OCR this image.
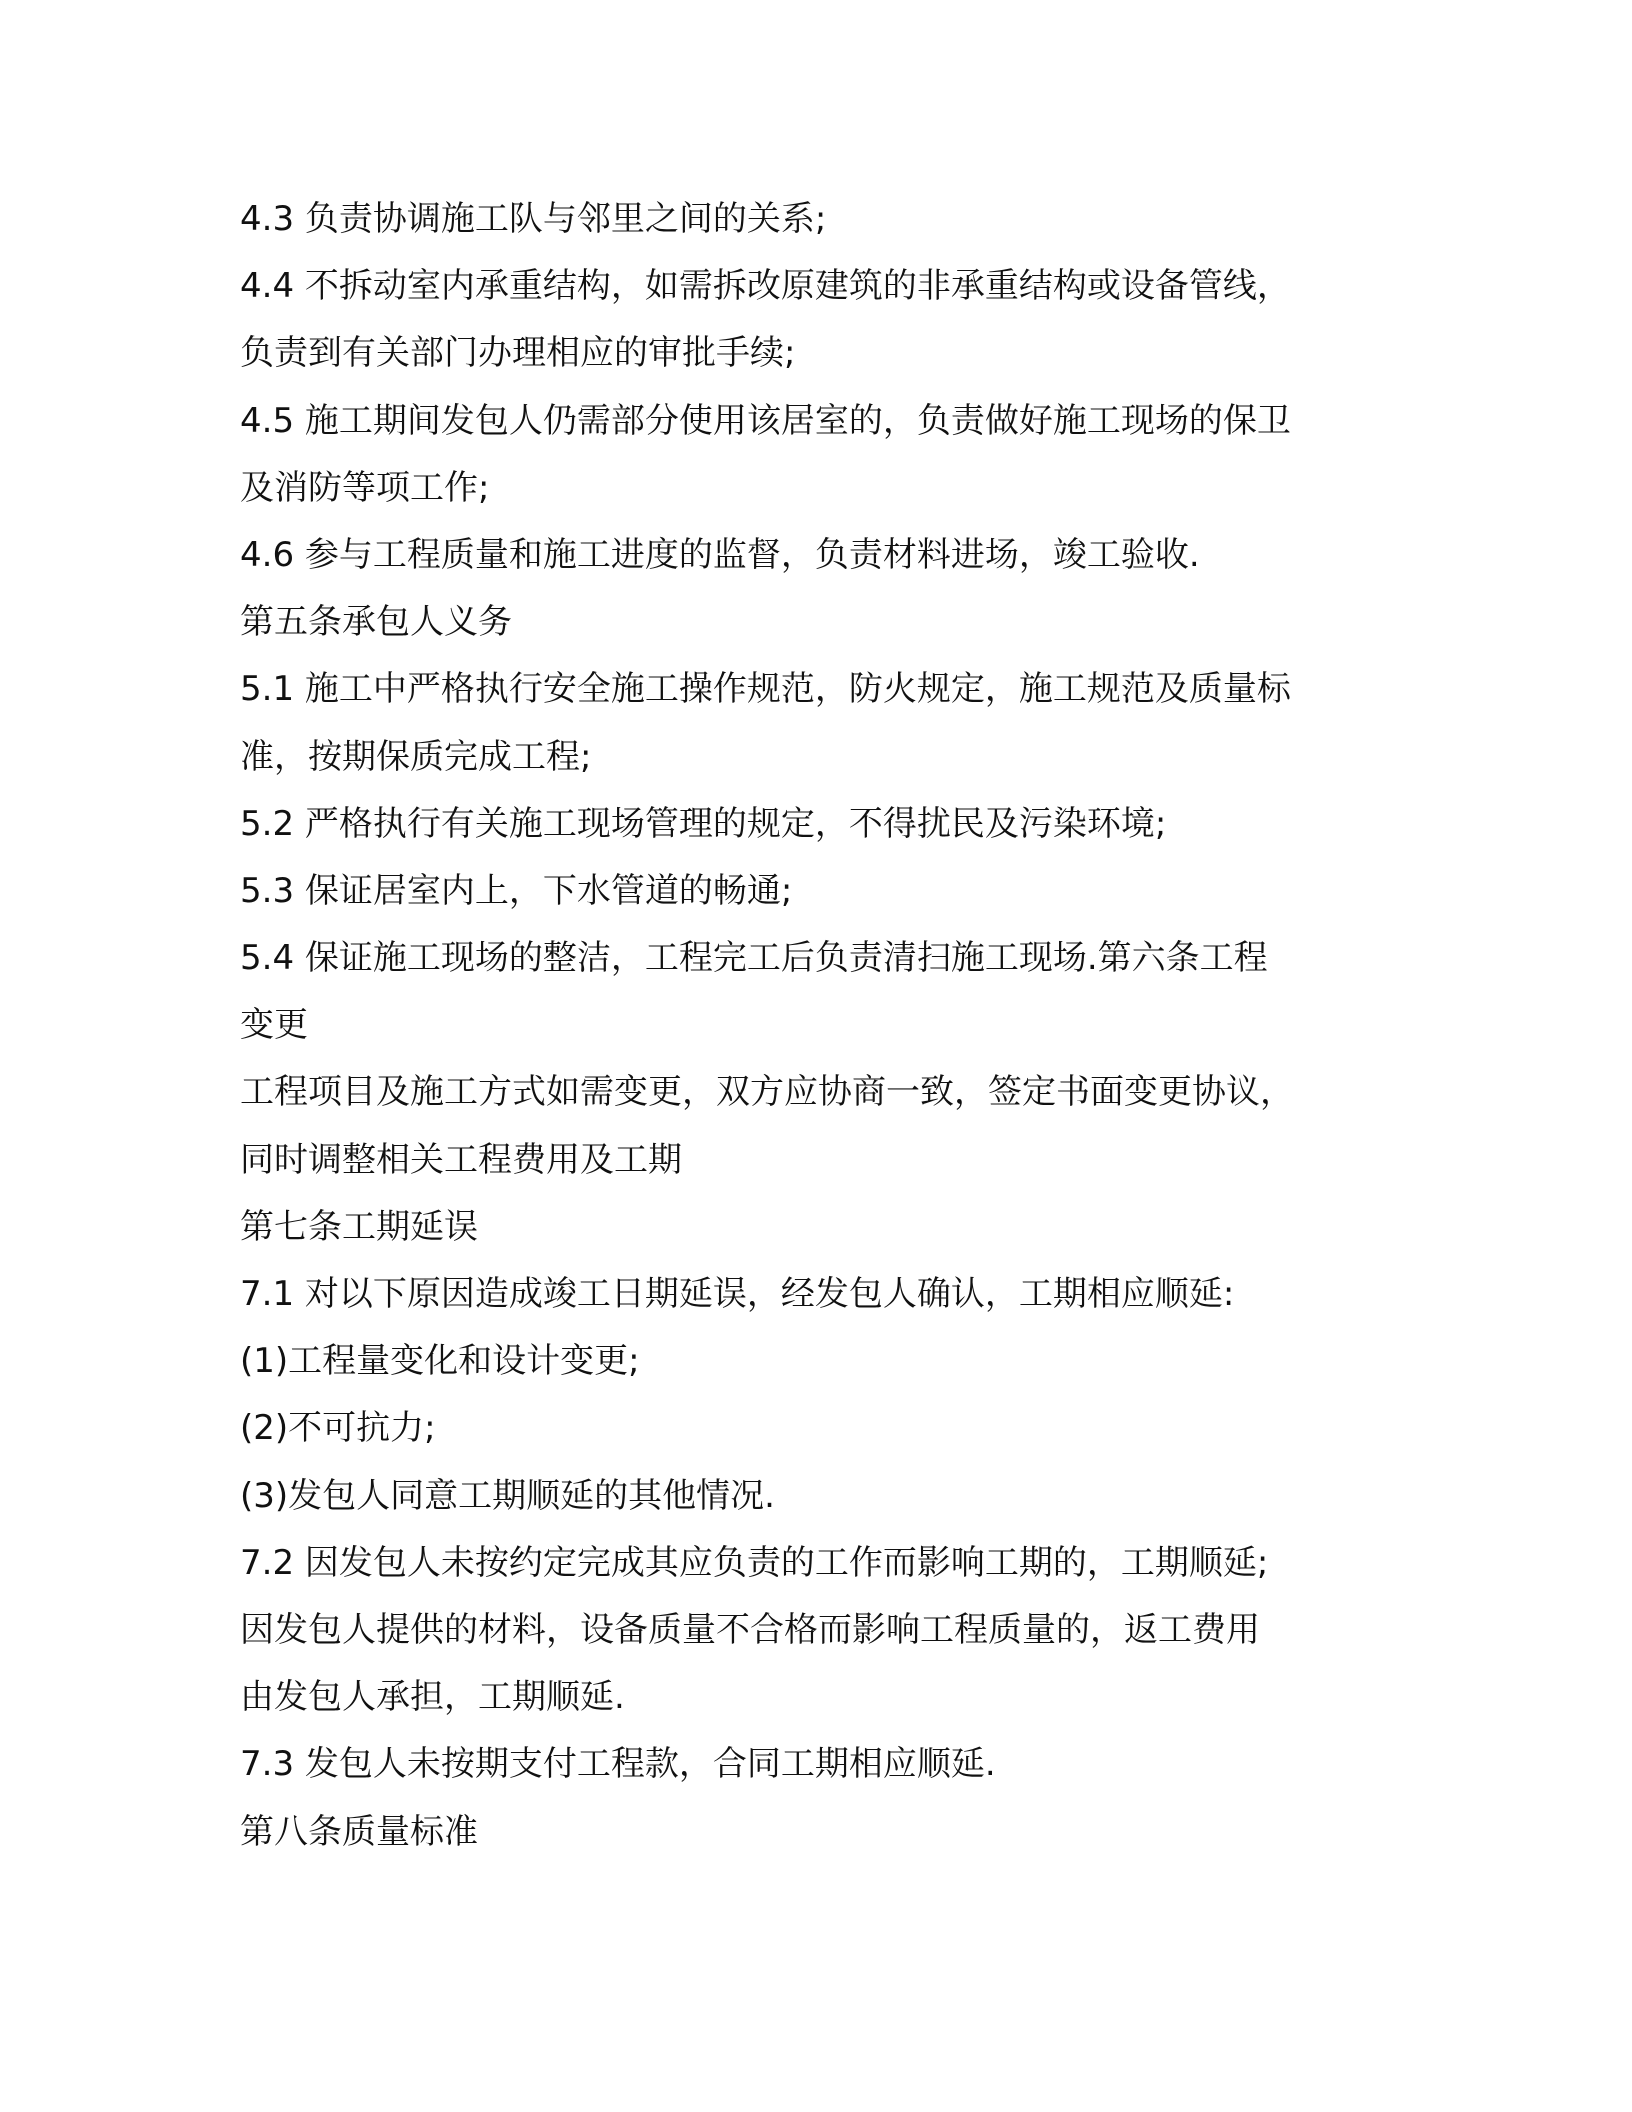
4.3 负责协调施工队与邻里之间的关系;
4.4 不拆动室内承重结构，如需拆改原建筑的非承重结构或设备管线，
负责到有关部门办理相应的审批手续;
4.5 施工期间发包人仍需部分使用该居室的，负责做好施工现场的保卫
及消防等项工作;
4.6 参与工程质量和施工进度的监督，负责材料进场，竣工验收.
第五条承包人义务
5.1 施工中严格执行安全施工操作规范，防火规定，施工规范及质量标
准，按期保质完成工程;
5.2 严格执行有关施工现场管理的规定，不得扰民及污染环境;
5.3 保证居室内上，下水管道的畅通;
5.4 保证施工现场的整洁，工程完工后负责清扫施工现场.第六条工程
变更
工程项目及施工方式如需变更，双方应协商一致，签定书面变更协议，
同时调整相关工程费用及工期
第七条工期延误
7.1 对以下原因造成竣工日期延误，经发包人确认，工期相应顺延:
(1)工程量变化和设计变更;
(2)不可抗力;
(3)发包人同意工期顺延的其他情况.
7.2 因发包人未按约定完成其应负责的工作而影响工期的，工期顺延;
因发包人提供的材料，设备质量不合格而影响工程质量的，返工费用
由发包人承担，工期顺延.
7.3 发包人未按期支付工程款，合同工期相应顺延.
第八条质量标准
